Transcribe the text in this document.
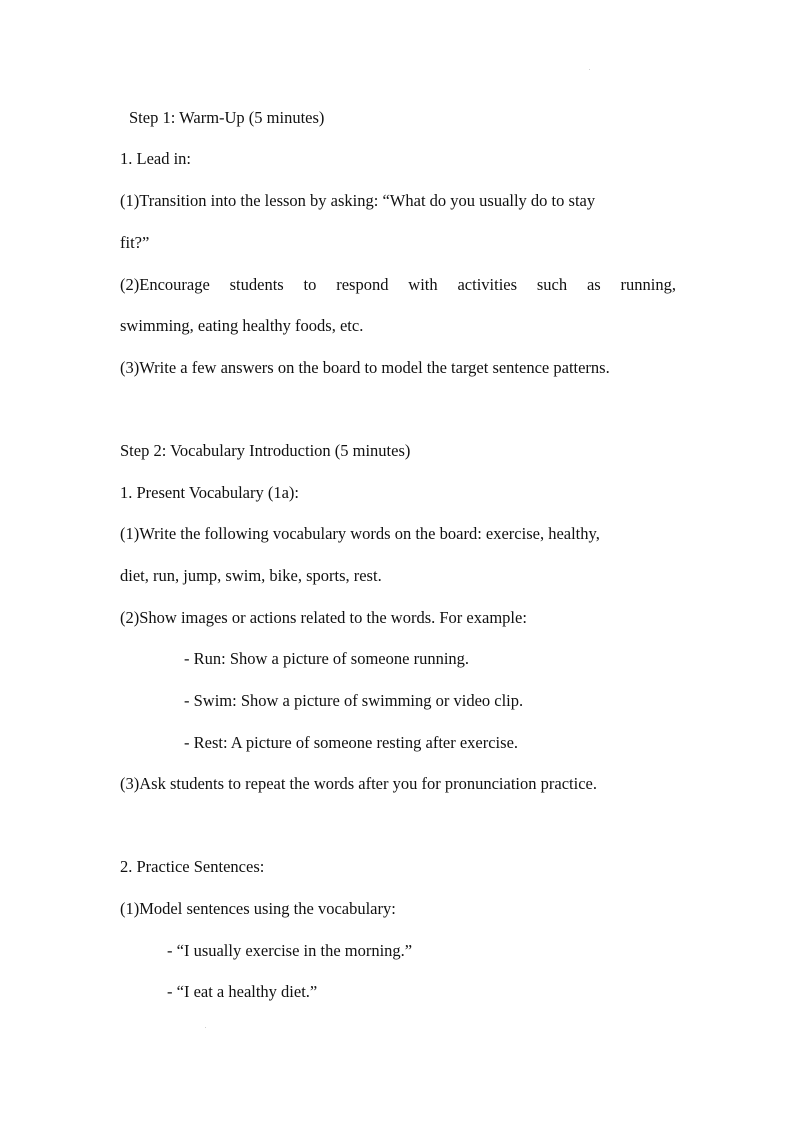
Step 1: Warm-Up (5 minutes)
1. Lead in:
(1)Transition into the lesson by asking: “What do you usually do to stay
fit?”
(2)Encourage students to respond with activities such as running,
swimming, eating healthy foods, etc.
(3)Write a few answers on the board to model the target sentence patterns.
Step 2: Vocabulary Introduction (5 minutes)
1. Present Vocabulary (1a):
(1)Write the following vocabulary words on the board: exercise, healthy,
diet, run, jump, swim, bike, sports, rest.
(2)Show images or actions related to the words. For example:
- Run: Show a picture of someone running.
- Swim: Show a picture of swimming or video clip.
- Rest: A picture of someone resting after exercise.
(3)Ask students to repeat the words after you for pronunciation practice.
2. Practice Sentences:
(1)Model sentences using the vocabulary:
- “I usually exercise in the morning.”
- “I eat a healthy diet.”
